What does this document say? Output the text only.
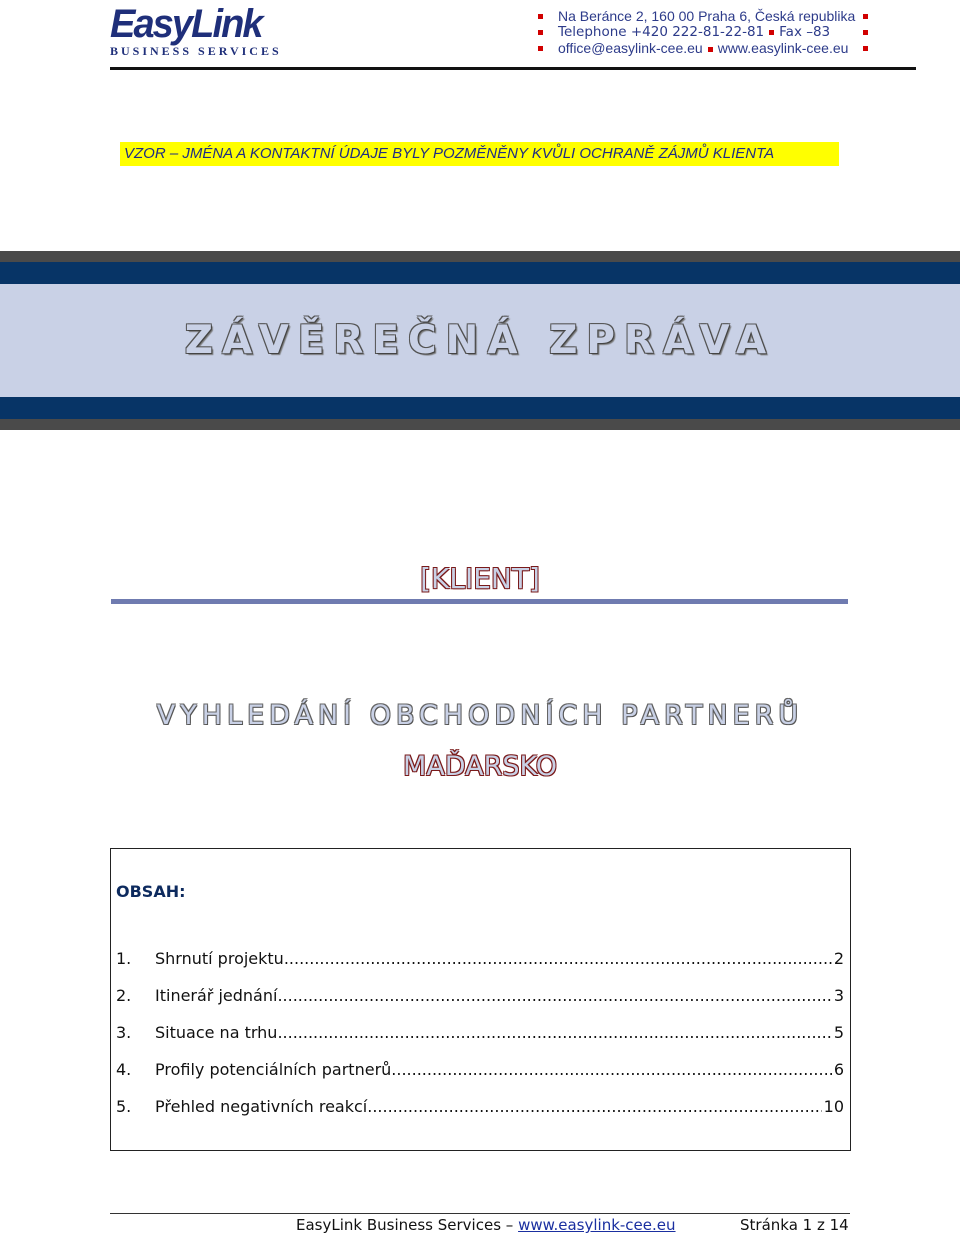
EasyLink
BUSINESS SERVICES
Na Beránce 2, 160 00 Praha 6, Česká republika
Telephone +420 222-81-22-81 Fax –83
office@easylink-cee.eu www.easylink-cee.eu
VZOR – JMÉNA A KONTAKTNÍ ÚDAJE BYLY POZMĚNĚNY KVŮLI OCHRANĚ ZÁJMŮ KLIENTA
ZÁVĚREČNÁ ZPRÁVA
[KLIENT]
VYHLEDÁNÍ OBCHODNÍCH PARTNERŮ
MAĎARSKO
OBSAH:
1.	Shrnutí projektu .....	2
2.	Itinerář jednání .....	3
3.	Situace na trhu .....	5
4.	Profily potenciálních partnerů .....	6
5.	Přehled negativních reakcí .....	10
EasyLink Business Services – www.easylink-cee.eu	Stránka 1 z 14
